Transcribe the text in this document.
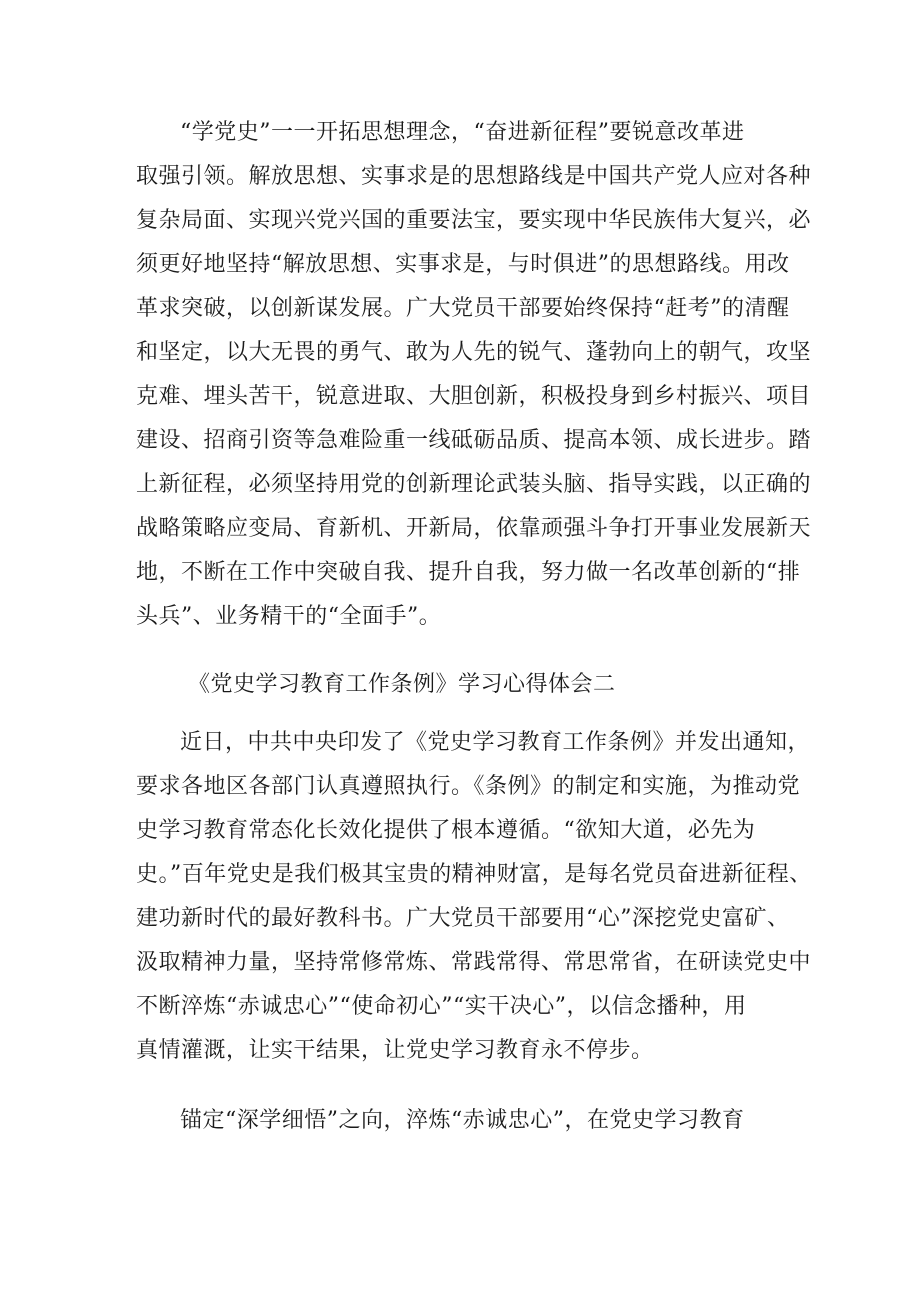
“学党史”一一开拓思想理念，“奋进新征程”要锐意改革进
取强引领。解放思想、实事求是的思想路线是中国共产党人应对各种
复杂局面、实现兴党兴国的重要法宝，要实现中华民族伟大复兴，必
须更好地坚持“解放思想、实事求是，与时俱进”的思想路线。用改
革求突破，以创新谋发展。广大党员干部要始终保持“赶考”的清醒
和坚定，以大无畏的勇气、敢为人先的锐气、蓬勃向上的朝气，攻坚
克难、埋头苦干，锐意进取、大胆创新，积极投身到乡村振兴、项目
建设、招商引资等急难险重一线砥砺品质、提高本领、成长进步。踏
上新征程，必须坚持用党的创新理论武装头脑、指导实践，以正确的
战略策略应变局、育新机、开新局，依靠顽强斗争打开事业发展新天
地，不断在工作中突破自我、提升自我，努力做一名改革创新的“排
头兵”、业务精干的“全面手”。
《党史学习教育工作条例》学习心得体会二
近日，中共中央印发了《党史学习教育工作条例》并发出通知，
要求各地区各部门认真遵照执行。《条例》的制定和实施，为推动党
史学习教育常态化长效化提供了根本遵循。“欲知大道，必先为
史。”百年党史是我们极其宝贵的精神财富，是每名党员奋进新征程、
建功新时代的最好教科书。广大党员干部要用“心”深挖党史富矿、
汲取精神力量，坚持常修常炼、常践常得、常思常省，在研读党史中
不断淬炼“赤诚忠心”“使命初心”“实干决心”，以信念播种，用
真情灌溉，让实干结果，让党史学习教育永不停步。
锚定“深学细悟”之向，淬炼“赤诚忠心”，在党史学习教育
